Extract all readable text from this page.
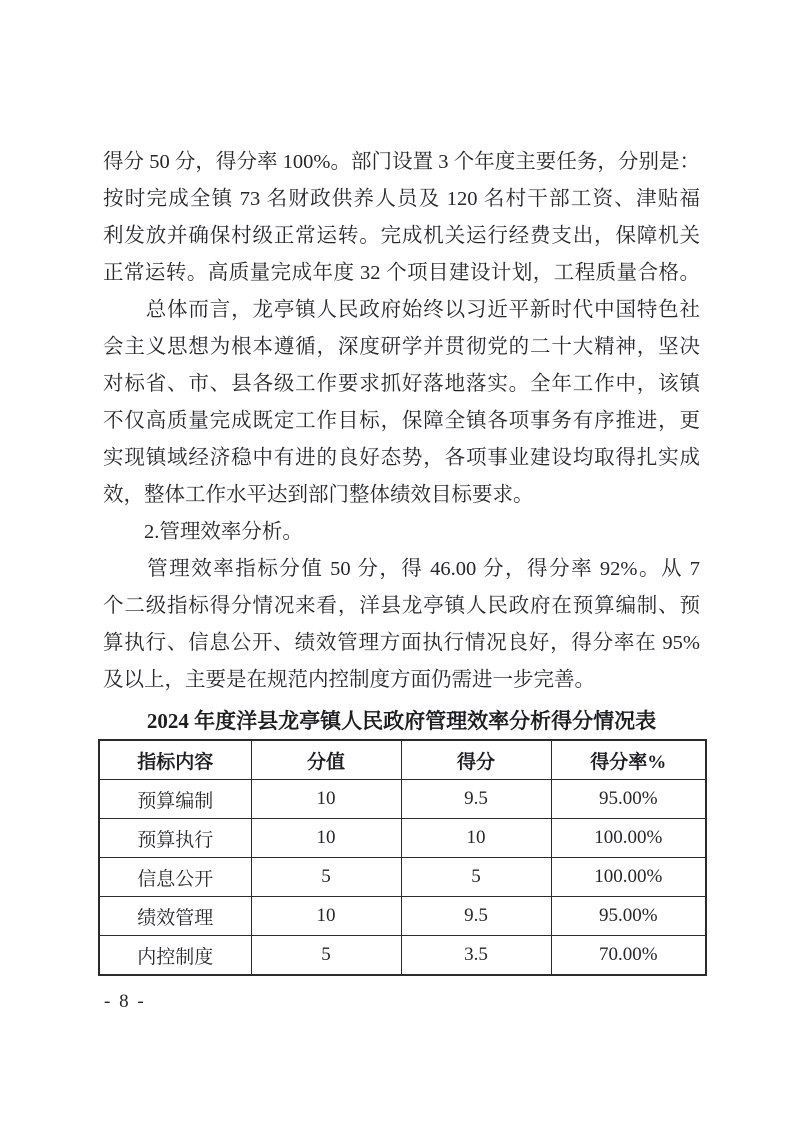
得分 50 分，得分率 100%。部门设置 3 个年度主要任务，分别是：
按时完成全镇 73 名财政供养人员及 120 名村干部工资、津贴福
利发放并确保村级正常运转。完成机关运行经费支出，保障机关
正常运转。高质量完成年度 32 个项目建设计划，工程质量合格。
　　总体而言，龙亭镇人民政府始终以习近平新时代中国特色社
会主义思想为根本遵循，深度研学并贯彻党的二十大精神，坚决
对标省、市、县各级工作要求抓好落地落实。全年工作中，该镇
不仅高质量完成既定工作目标，保障全镇各项事务有序推进，更
实现镇域经济稳中有进的良好态势，各项事业建设均取得扎实成
效，整体工作水平达到部门整体绩效目标要求。
　　2.管理效率分析。
　　管理效率指标分值 50 分，得 46.00 分，得分率 92%。从 7
个二级指标得分情况来看，洋县龙亭镇人民政府在预算编制、预
算执行、信息公开、绩效管理方面执行情况良好，得分率在 95%
及以上，主要是在规范内控制度方面仍需进一步完善。
2024 年度洋县龙亭镇人民政府管理效率分析得分情况表
指标内容	分值	得分	得分率%
预算编制	10	9.5	95.00%
预算执行	10	10	100.00%
信息公开	5	5	100.00%
绩效管理	10	9.5	95.00%
内控制度	5	3.5	70.00%
- 8 -
